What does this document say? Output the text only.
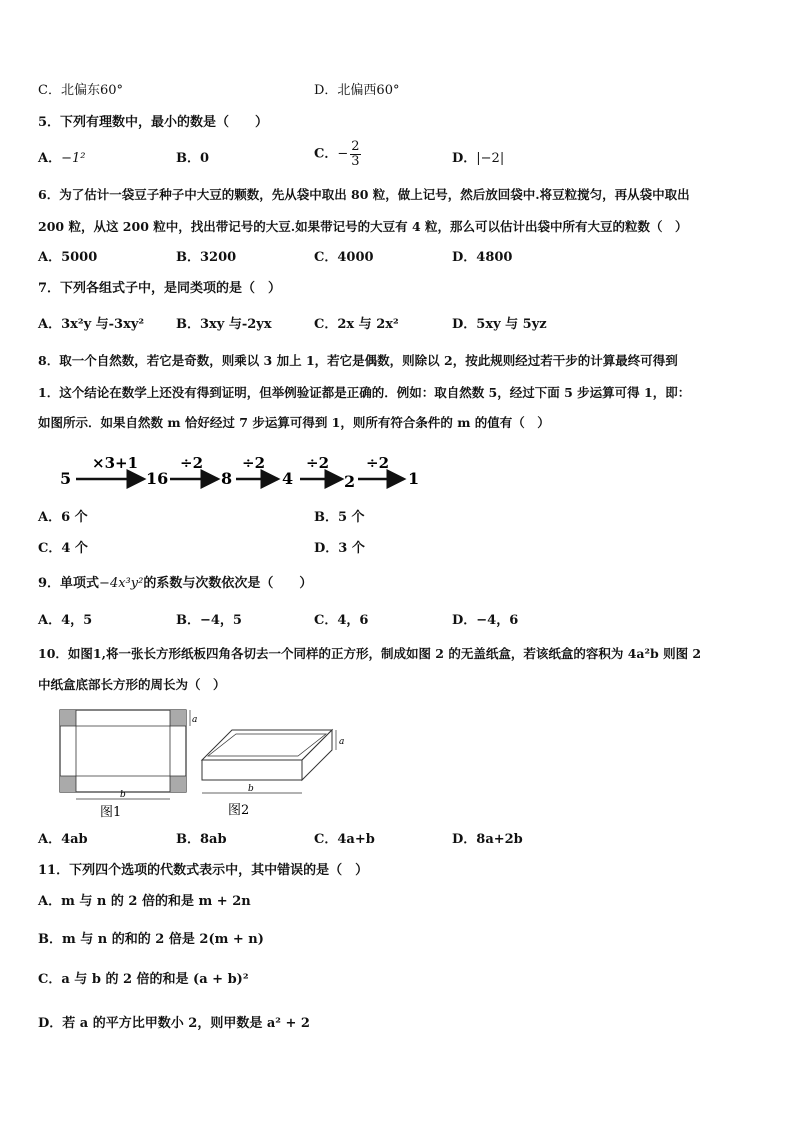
C．北偏东60°	D．北偏西60°
5．下列有理数中，最小的数是（　　）
A．−1²	B．0	C．− $\frac{2}{3}$	D．|−2|
6．为了估计一袋豆子种子中大豆的颗数，先从袋中取出 80 粒，做上记号，然后放回袋中.将豆粒搅匀，再从袋中取出
200 粒，从这 200 粒中，找出带记号的大豆.如果带记号的大豆有 4 粒，那么可以估计出袋中所有大豆的粒数（　）
A．5000	B．3200	C．4000	D．4800
7．下列各组式子中，是同类项的是（　）
A．3x²y 与-3xy² B．3xy 与-2yx	C．2x 与 2x²	D．5xy 与 5yz
8．取一个自然数，若它是奇数，则乘以 3 加上 1，若它是偶数，则除以 2，按此规则经过若干步的计算最终可得到
1．这个结论在数学上还没有得到证明，但举例验证都是正确的．例如：取自然数 5，经过下面 5 步运算可得 1，即：
如图所示．如果自然数 m 恰好经过 7 步运算可得到 1，则所有符合条件的 m 的值有（　）
5
×3+1
16
÷2
8
÷2
4
÷2
2
÷2
1
A．6 个	B．5 个
C．4 个	D．3 个
9．单项式−4x³y²的系数与次数依次是（　　）
A．4，5	B．−4，5	C．4，6	D．−4，6
10．如图1,将一张长方形纸板四角各切去一个同样的正方形，制成如图 2 的无盖纸盒，若该纸盒的容积为 4a²b 则图 2
中纸盒底部长方形的周长为（　）
a
b
图1
a
b
图2
A．4ab	B．8ab	C．4a+b	D．8a+2b
11．下列四个选项的代数式表示中，其中错误的是（　）
A．m 与 n 的 2 倍的和是 m + 2n
B．m 与 n 的和的 2 倍是 2(m + n)
C．a 与 b 的 2 倍的和是 (a + b)²
D．若 a 的平方比甲数小 2，则甲数是 a² + 2
